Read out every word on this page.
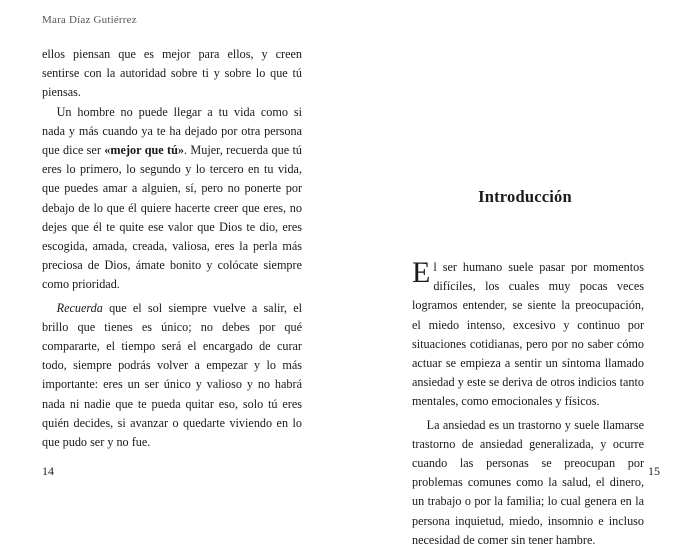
Mara Díaz Gutiérrez

ellos piensan que es mejor para ellos, y creen sentirse con la autoridad sobre ti y sobre lo que tú piensas.

Un hombre no puede llegar a tu vida como si nada y más cuando ya te ha dejado por otra persona que dice ser «mejor que tú». Mujer, recuerda que tú eres lo primero, lo segundo y lo tercero en tu vida, que puedes amar a alguien, sí, pero no ponerte por debajo de lo que él quiere hacerte creer que eres, no dejes que él te quite ese valor que Dios te dio, eres escogida, amada, creada, valiosa, eres la perla más preciosa de Dios, ámate bonito y colócate siempre como prioridad.

Recuerda que el sol siempre vuelve a salir, el brillo que tienes es único; no debes por qué compararte, el tiempo será el encargado de curar todo, siempre podrás volver a empezar y lo más importante: eres un ser único y valioso y no habrá nada ni nadie que te pueda quitar eso, solo tú eres quién decides, si avanzar o quedarte viviendo en lo que pudo ser y no fue.

14	15
Introducción

El ser humano suele pasar por momentos difíciles, los cuales muy pocas veces logramos entender, se siente la preocupación, el miedo intenso, excesivo y continuo por situaciones cotidianas, pero por no saber cómo actuar se empieza a sentir un síntoma llamado ansiedad y este se deriva de otros indicios tanto mentales, como emocionales y físicos.

La ansiedad es un trastorno y suele llamarse trastorno de ansiedad generalizada, y ocurre cuando las personas se preocupan por problemas comunes como la salud, el dinero, un trabajo o por la familia; lo cual genera en la persona inquietud, miedo, insomnio e incluso necesidad de comer sin tener hambre.
